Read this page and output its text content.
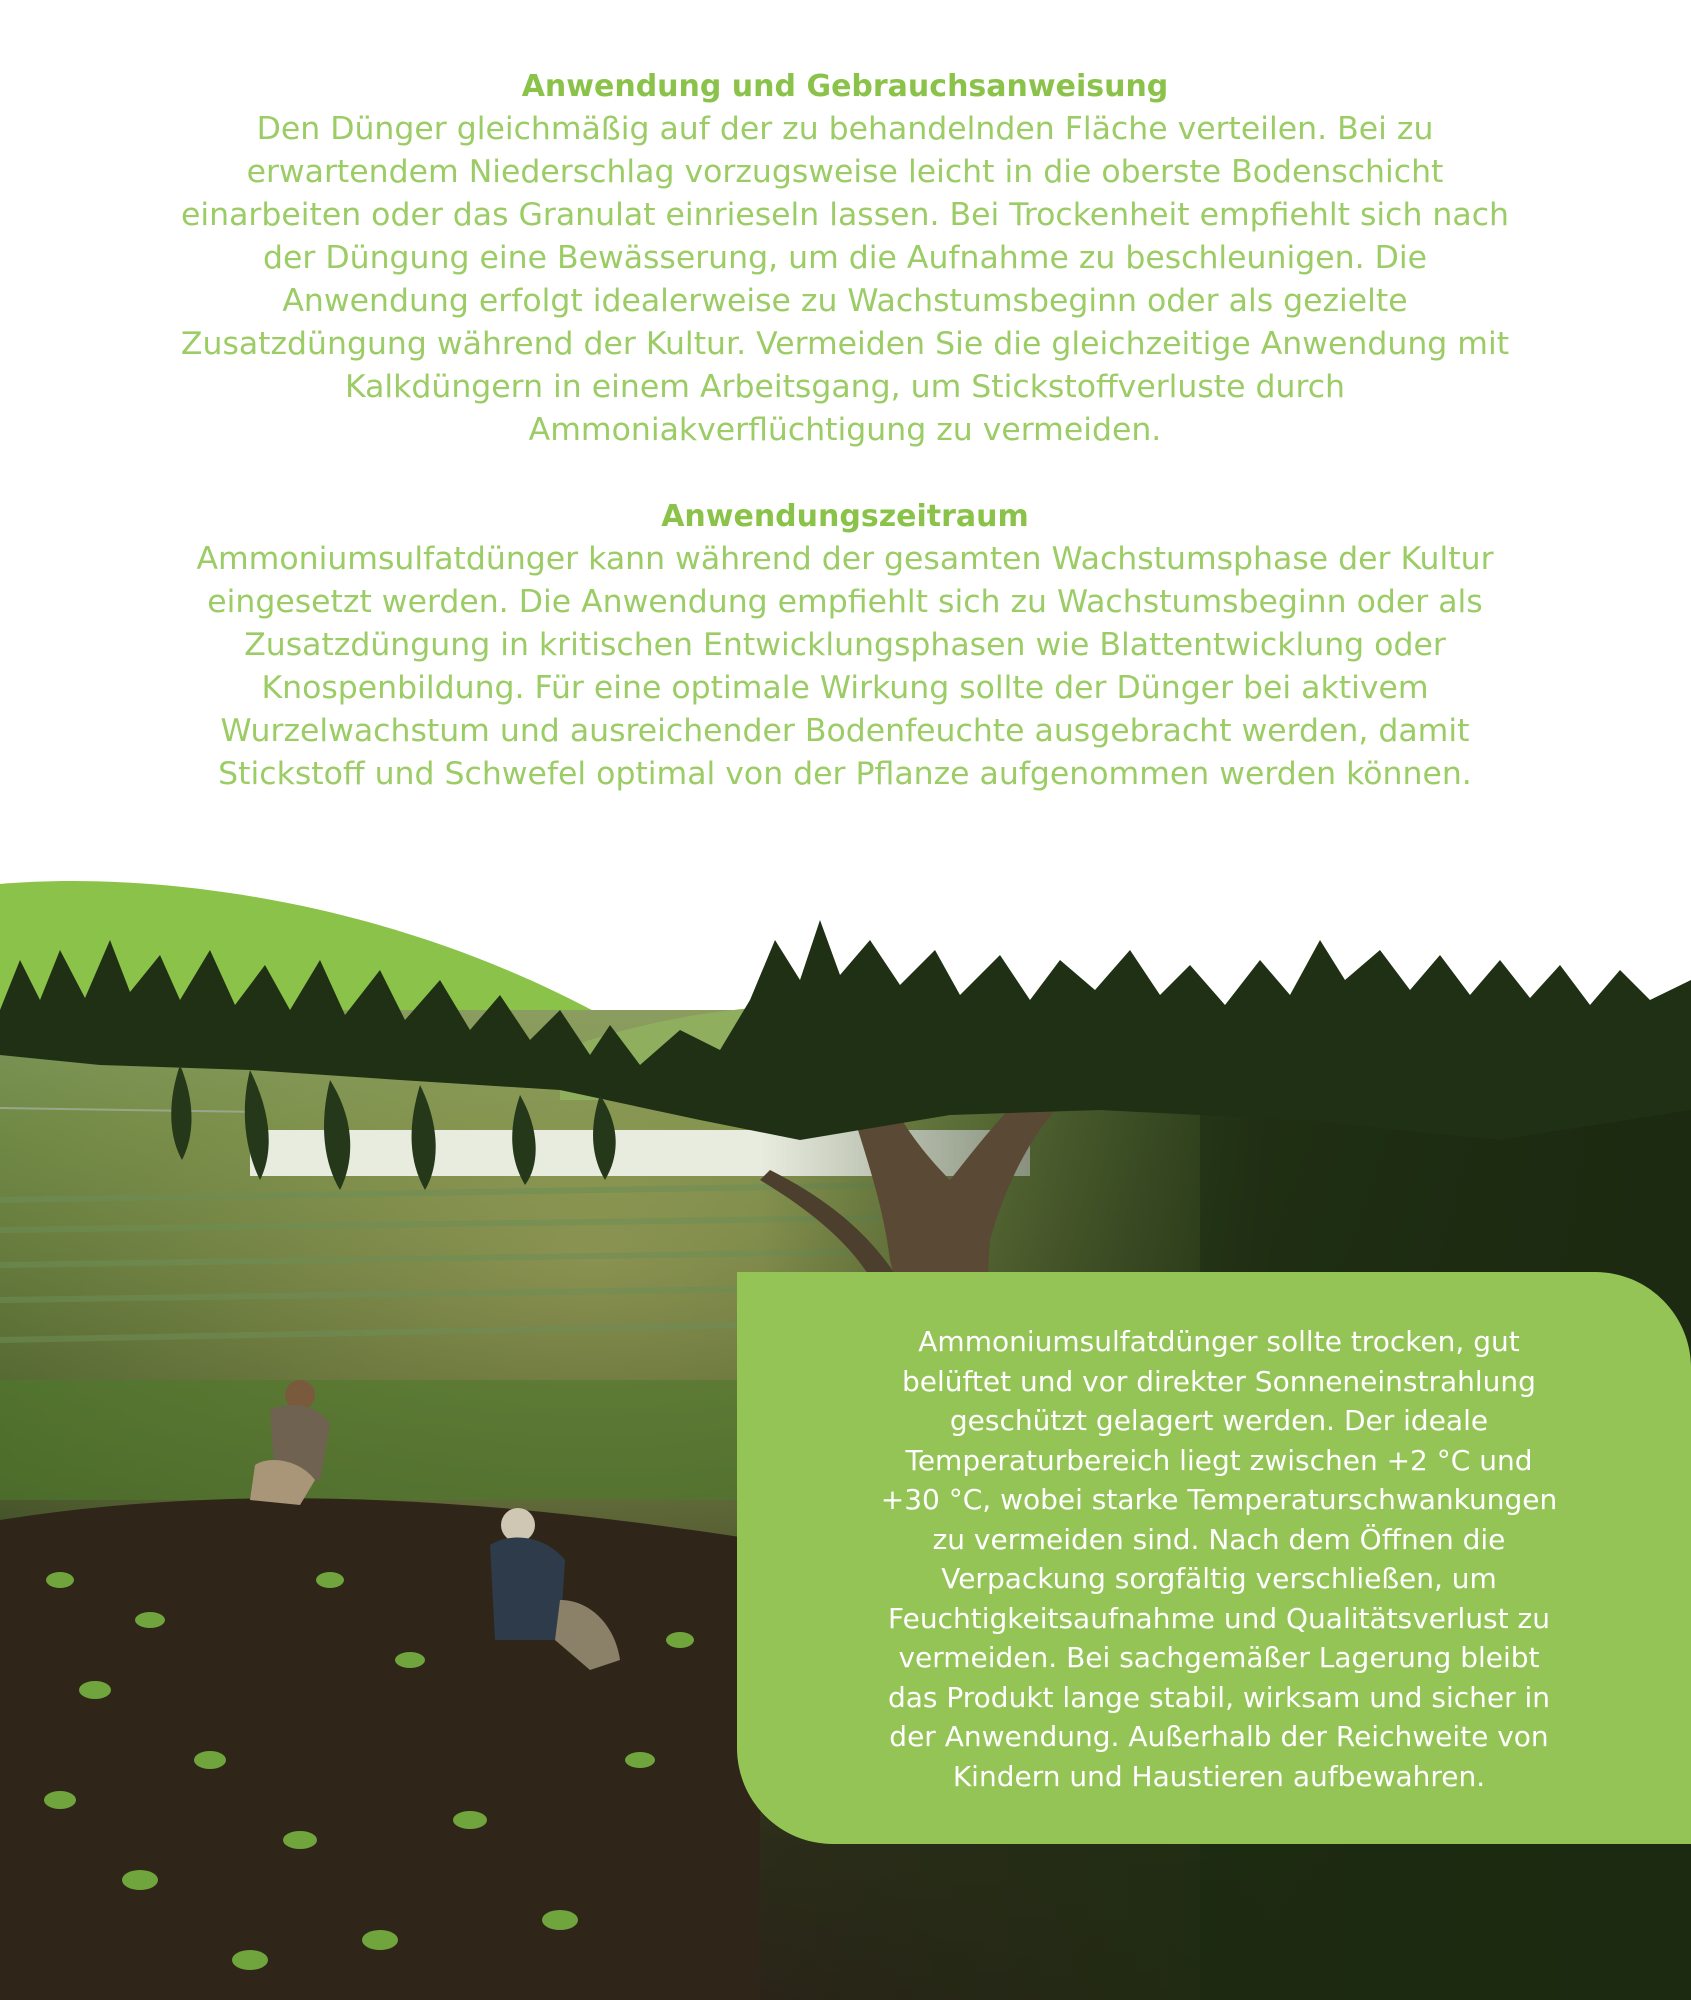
Anwendung und Gebrauchsanweisung

Den Dünger gleichmäßig auf der zu behandelnden Fläche verteilen. Bei zu
erwartendem Niederschlag vorzugsweise leicht in die oberste Bodenschicht
einarbeiten oder das Granulat einrieseln lassen. Bei Trockenheit empfiehlt sich nach
der Düngung eine Bewässerung, um die Aufnahme zu beschleunigen. Die
Anwendung erfolgt idealerweise zu Wachstumsbeginn oder als gezielte
Zusatzdüngung während der Kultur. Vermeiden Sie die gleichzeitige Anwendung mit
Kalkdüngern in einem Arbeitsgang, um Stickstoffverluste durch
Ammoniakverflüchtigung zu vermeiden.

Anwendungszeitraum

Ammoniumsulfatdünger kann während der gesamten Wachstumsphase der Kultur
eingesetzt werden. Die Anwendung empfiehlt sich zu Wachstumsbeginn oder als
Zusatzdüngung in kritischen Entwicklungsphasen wie Blattentwicklung oder
Knospenbildung. Für eine optimale Wirkung sollte der Dünger bei aktivem
Wurzelwachstum und ausreichender Bodenfeuchte ausgebracht werden, damit
Stickstoff und Schwefel optimal von der Pflanze aufgenommen werden können.

Ammoniumsulfatdünger sollte trocken, gut
belüftet und vor direkter Sonneneinstrahlung
geschützt gelagert werden. Der ideale
Temperaturbereich liegt zwischen +2 °C und
+30 °C, wobei starke Temperaturschwankungen
zu vermeiden sind. Nach dem Öffnen die
Verpackung sorgfältig verschließen, um
Feuchtigkeitsaufnahme und Qualitätsverlust zu
vermeiden. Bei sachgemäßer Lagerung bleibt
das Produkt lange stabil, wirksam und sicher in
der Anwendung. Außerhalb der Reichweite von
Kindern und Haustieren aufbewahren.
